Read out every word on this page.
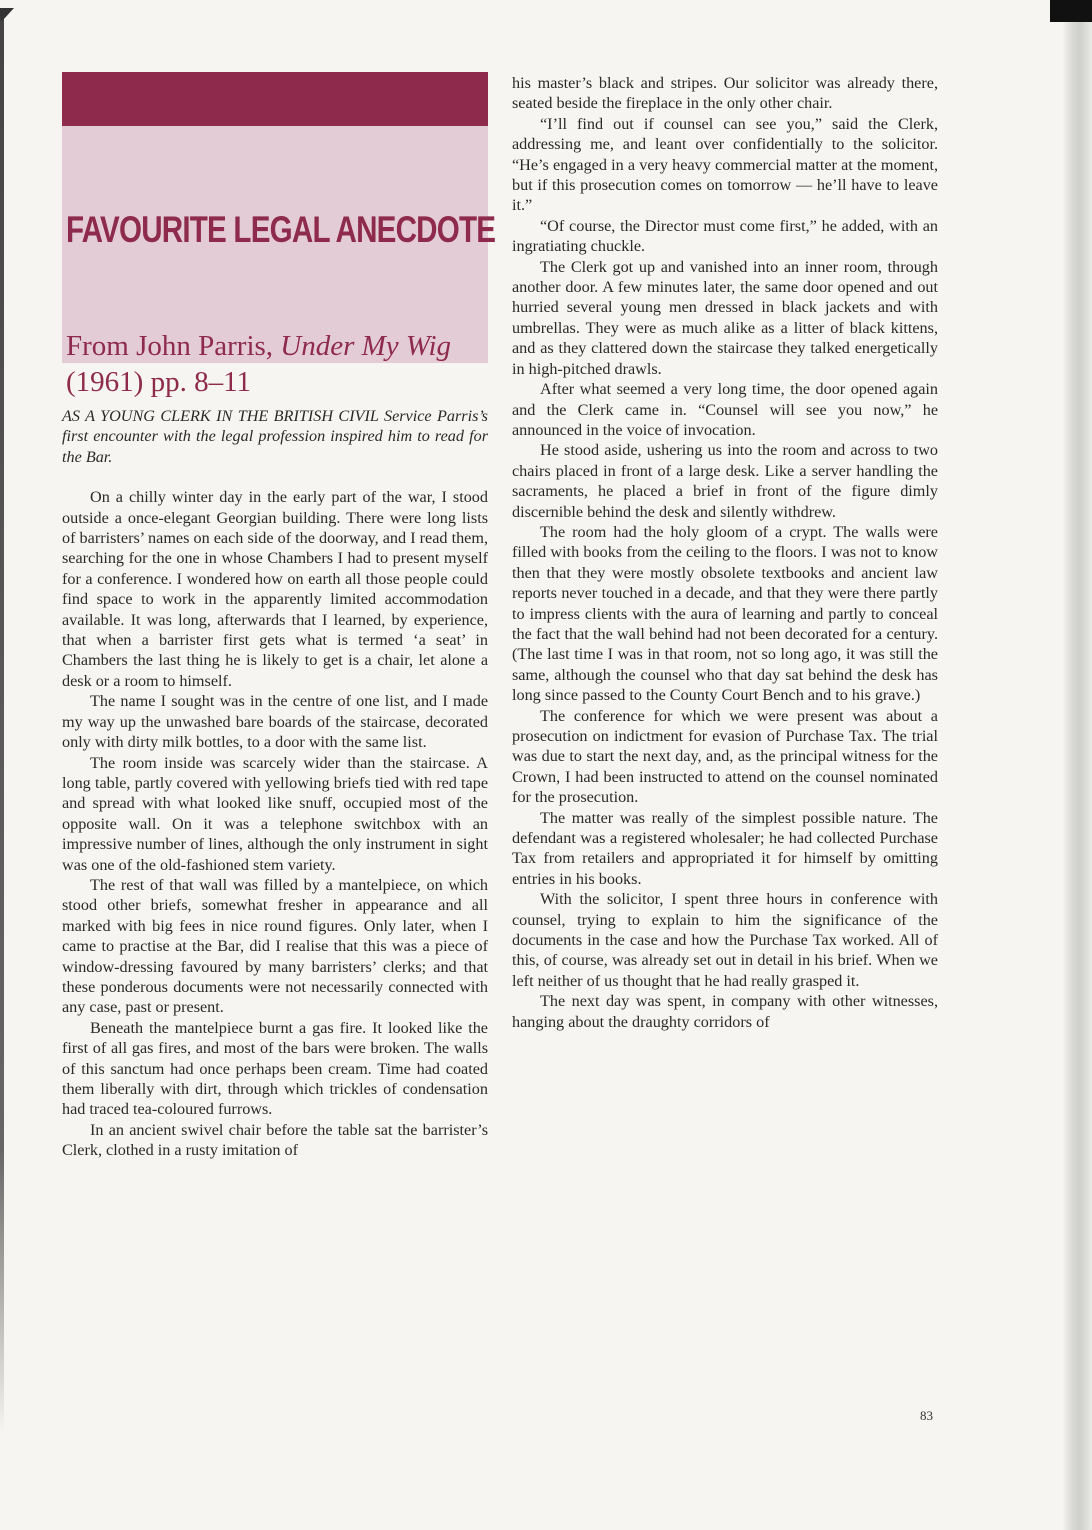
FAVOURITE LEGAL ANECDOTE

From John Parris, Under My Wig (1961) pp. 8–11

AS A YOUNG CLERK IN THE BRITISH CIVIL Service Parris’s first encounter with the legal profession inspired him to read for the Bar.

On a chilly winter day in the early part of the war, I stood outside a once-elegant Georgian building. There were long lists of barristers’ names on each side of the doorway, and I read them, searching for the one in whose Chambers I had to present myself for a conference. I wondered how on earth all those people could find space to work in the apparently limited accommodation available. It was long, afterwards that I learned, by experience, that when a barrister first gets what is termed ‘a seat’ in Chambers the last thing he is likely to get is a chair, let alone a desk or a room to himself.

The name I sought was in the centre of one list, and I made my way up the unwashed bare boards of the staircase, decorated only with dirty milk bottles, to a door with the same list.

The room inside was scarcely wider than the staircase. A long table, partly covered with yellowing briefs tied with red tape and spread with what looked like snuff, occupied most of the opposite wall. On it was a telephone switchbox with an impressive number of lines, although the only instrument in sight was one of the old-fashioned stem variety.

The rest of that wall was filled by a mantelpiece, on which stood other briefs, somewhat fresher in appearance and all marked with big fees in nice round figures. Only later, when I came to practise at the Bar, did I realise that this was a piece of window-dressing favoured by many barristers’ clerks; and that these ponderous documents were not necessarily connected with any case, past or present.

Beneath the mantelpiece burnt a gas fire. It looked like the first of all gas fires, and most of the bars were broken. The walls of this sanctum had once perhaps been cream. Time had coated them liberally with dirt, through which trickles of condensation had traced tea-coloured furrows.

In an ancient swivel chair before the table sat the barrister’s Clerk, clothed in a rusty imitation of

his master’s black and stripes. Our solicitor was already there, seated beside the fireplace in the only other chair.

“I’ll find out if counsel can see you,” said the Clerk, addressing me, and leant over confidentially to the solicitor. “He’s engaged in a very heavy commercial matter at the moment, but if this prosecution comes on tomorrow — he’ll have to leave it.”

“Of course, the Director must come first,” he added, with an ingratiating chuckle.

The Clerk got up and vanished into an inner room, through another door. A few minutes later, the same door opened and out hurried several young men dressed in black jackets and with umbrellas. They were as much alike as a litter of black kittens, and as they clattered down the staircase they talked energetically in high-pitched drawls.

After what seemed a very long time, the door opened again and the Clerk came in. “Counsel will see you now,” he announced in the voice of invocation.

He stood aside, ushering us into the room and across to two chairs placed in front of a large desk. Like a server handling the sacraments, he placed a brief in front of the figure dimly discernible behind the desk and silently withdrew.

The room had the holy gloom of a crypt. The walls were filled with books from the ceiling to the floors. I was not to know then that they were mostly obsolete textbooks and ancient law reports never touched in a decade, and that they were there partly to impress clients with the aura of learning and partly to conceal the fact that the wall behind had not been decorated for a century. (The last time I was in that room, not so long ago, it was still the same, although the counsel who that day sat behind the desk has long since passed to the County Court Bench and to his grave.)

The conference for which we were present was about a prosecution on indictment for evasion of Purchase Tax. The trial was due to start the next day, and, as the principal witness for the Crown, I had been instructed to attend on the counsel nominated for the prosecution.

The matter was really of the simplest possible nature. The defendant was a registered wholesaler; he had collected Purchase Tax from retailers and appropriated it for himself by omitting entries in his books.

With the solicitor, I spent three hours in conference with counsel, trying to explain to him the significance of the documents in the case and how the Purchase Tax worked. All of this, of course, was already set out in detail in his brief. When we left neither of us thought that he had really grasped it.

The next day was spent, in company with other witnesses, hanging about the draughty corridors of

83
